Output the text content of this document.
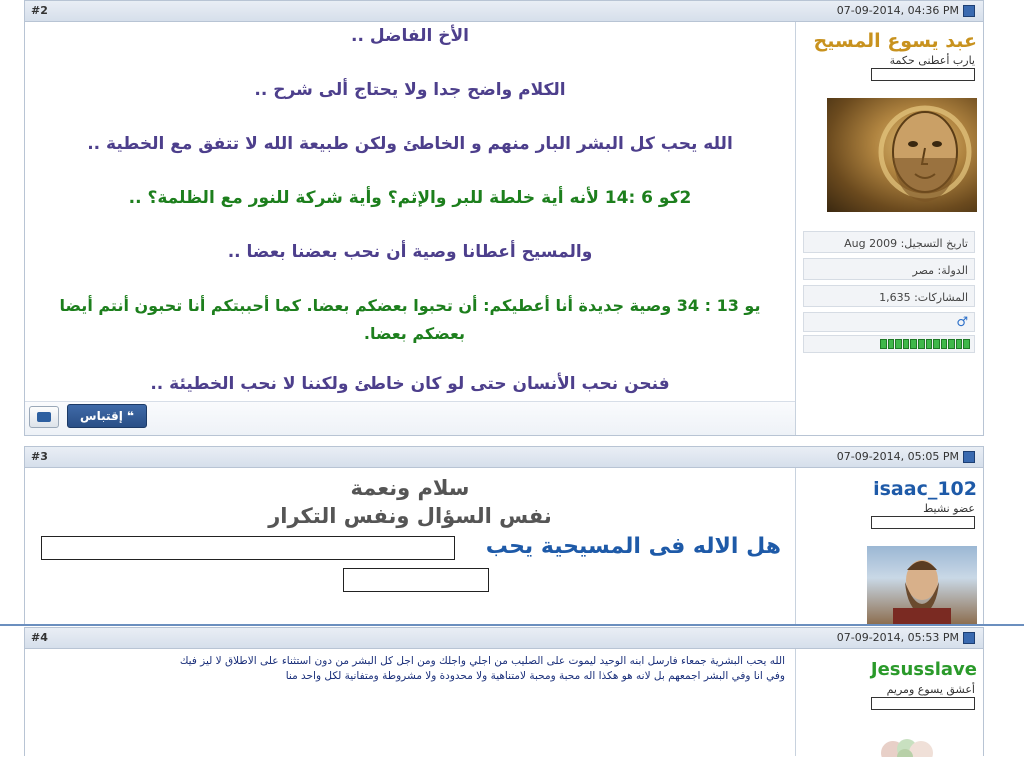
#2	07-09-2014, 04:36 PM
الأخ الفاضل ..
الكلام واضح جدا ولا يحتاج ألى شرح ..
الله يحب كل البشر البار منهم و الخاطئ ولكن طبيعة الله لا تتفق مع الخطية ..
2كو 6 :14 لأنه أية خلطة للبر والإثم؟ وأية شركة للنور مع الظلمة؟ ..
والمسيح أعطانا وصية أن نحب بعضنا بعضا ..
يو 13 : 34 وصية جديدة أنا أعطيكم: أن تحبوا بعضكم بعضا. كما أحببتكم أنا تحبون أنتم أيضا
بعضكم بعضا.
فنحن نحب الأنسان حتى لو كان خاطئ ولكننا لا نحب الخطيئة ..
إقتباس ❝
عبد يسوع المسيح
يارب أعطنى حكمة
تاريخ التسجيل: Aug 2009
الدولة: مصر
المشاركات: 1,635
♂
#3	07-09-2014, 05:05 PM
سلام ونعمة
نفس السؤال ونفس التكرار
هل الاله فى المسيحية يحب
isaac_102
عضو نشيط
#4	07-09-2014, 05:53 PM
الله يحب البشرية جمعاء فارسل ابنه الوحيد ليموت على الصليب من اجلي واجلك ومن اجل كل البشر من دون استثناء على الاطلاق لا ليز فيك
وفي انا وفي البشر اجمعهم بل لانه هو هكذا اله محبة ومحبة لامتناهية ولا محدودة ولا مشروطة ومتفانية لكل واحد منا	Jesusslave
أعشق يسوع ومريم
